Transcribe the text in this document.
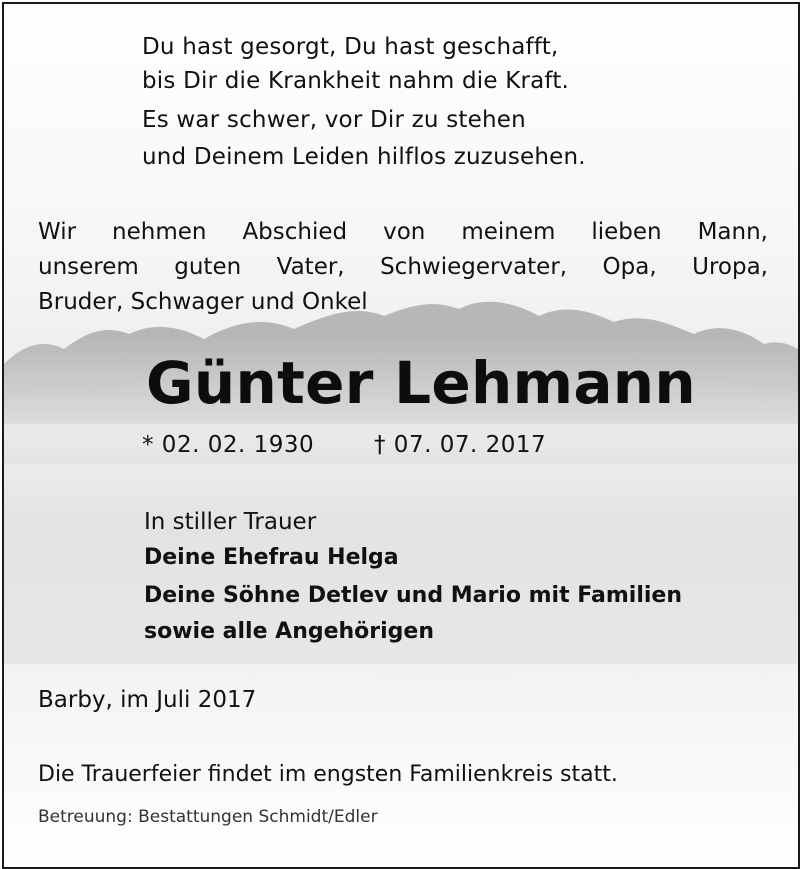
Du hast gesorgt, Du hast geschafft,
bis Dir die Krankheit nahm die Kraft.
Es war schwer, vor Dir zu stehen
und Deinem Leiden hilflos zuzusehen.
Wir nehmen Abschied von meinem lieben Mann,
unserem guten Vater, Schwiegervater, Opa, Uropa,
Bruder, Schwager und Onkel
Günter Lehmann
* 02. 02. 1930	† 07. 07. 2017
In stiller Trauer
Deine Ehefrau Helga
Deine Söhne Detlev und Mario mit Familien
sowie alle Angehörigen
Barby, im Juli 2017
Die Trauerfeier findet im engsten Familienkreis statt.
Betreuung: Bestattungen Schmidt/Edler
